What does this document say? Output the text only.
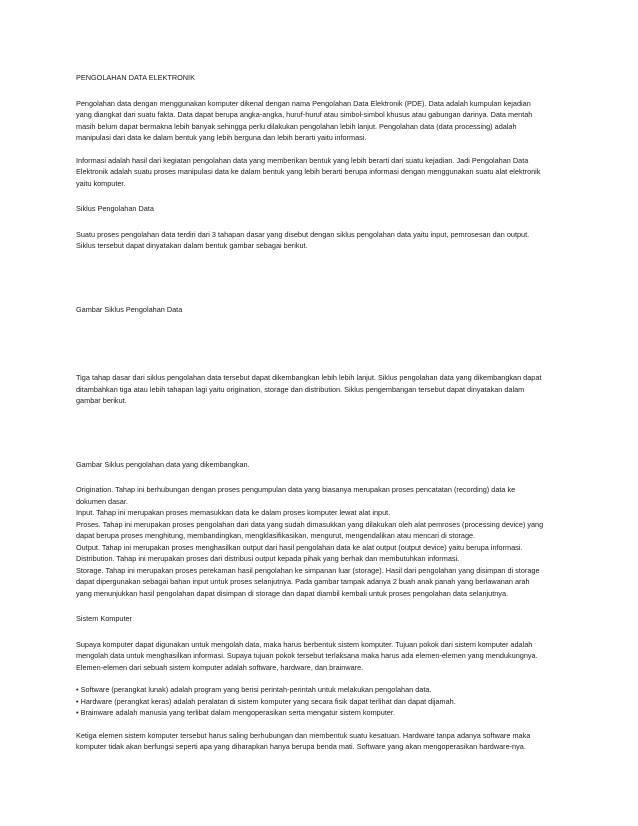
PENGOLAHAN DATA ELEKTRONIK

Pengolahan data dengan menggunakan komputer dikenal dengan nama Pengolahan Data Elektronik (PDE). Data adalah kumpulan kejadian
yang diangkat dari suatu fakta. Data dapat berupa angka-angka, huruf-huruf atau simbol-simbol khusus atau gabungan darinya. Data mentah
masih belum dapat bermakna lebih banyak sehingga perlu dilakukan pengolahan lebih lanjut. Pengolahan data (data processing) adalah
manipulasi dari data ke dalam bentuk yang lebih berguna dan lebih berarti yaitu informasi.

Informasi adalah hasil dari kegiatan pengolahan data yang memberikan bentuk yang lebih berarti dari suatu kejadian. Jadi Pengolahan Data
Elektronik adalah suatu proses manipulasi data ke dalam bentuk yang lebih berarti berupa informasi dengan menggunakan suatu alat elektronik
yaitu komputer.

Siklus Pengolahan Data

Suatu proses pengolahan data terdiri dari 3 tahapan dasar yang disebut dengan siklus pengolahan data yaitu input, pemrosesan dan output.
Siklus tersebut dapat dinyatakan dalam bentuk gambar sebagai berikut.

Gambar Siklus Pengolahan Data

Tiga tahap dasar dari siklus pengolahan data tersebut dapat dikembangkan lebih lebih lanjut. Siklus pengolahan data yang dikembangkan dapat
ditambahkan tiga atau lebih tahapan lagi yaitu origination, storage dan distribution. Siklus pengembangan tersebut dapat dinyatakan dalam
gambar berikut.

Gambar Siklus pengolahan data yang dikembangkan.

Origination. Tahap ini berhubungan dengan proses pengumpulan data yang biasanya merupakan proses pencatatan (recording) data ke
dokumen dasar.
Input. Tahap ini merupakan proses memasukkan data ke dalam proses komputer lewat alat input.
Proses. Tahap ini merupakan proses pengolahan dari data yang sudah dimasukkan yang dilakukan oleh alat pemroses (processing device) yang
dapat berupa proses menghitung, membandingkan, mengklasifikasikan, mengurut, mengendalikan atau mencari di storage.
Output. Tahap ini merupakan proses menghasilkan output dari hasil pengolahan data ke alat output (output device) yaitu berupa informasi.
Distribution. Tahap ini merupakan proses dari distribusi output kepada pihak yang berhak dan membutuhkan informasi.
Storage. Tahap ini merupakan proses perekaman hasil pengolahan ke simpanan luar (storage). Hasil dari pengolahan yang disimpan di storage
dapat dipergunakan sebagai bahan input untuk proses selanjutnya. Pada gambar tampak adanya 2 buah anak panah yang berlawanan arah
yang menunjukkan hasil pengolahan dapat disimpan di storage dan dapat diambil kembali untuk proses pengolahan data selanjutnya.

Sistem Komputer

Supaya komputer dapat digunakan untuk mengolah data, maka harus berbentuk sistem komputer. Tujuan pokok dari sistem komputer adalah
mengolah data untuk menghasilkan informasi. Supaya tujuan pokok tersebut terlaksana maka harus ada elemen-elemen yang mendukungnya.
Elemen-elemen dari sebuah sistem komputer adalah software, hardware, dan brainware.

• Software (perangkat lunak) adalah program yang berisi perintah-perintah untuk melakukan pengolahan data.
• Hardware (perangkat keras) adalah peralatan di sistem komputer yang secara fisik dapat terlihat dan dapat dijamah.
• Brainware adalah manusia yang terlibat dalam mengoperasikan serta mengatur sistem komputer.

Ketiga elemen sistem komputer tersebut harus saling berhubungan dan membentuk suatu kesatuan. Hardware tanpa adanya software maka
komputer tidak akan berfungsi seperti apa yang diharapkan hanya berupa benda mati. Software yang akan mengoperasikan hardware-nya.
